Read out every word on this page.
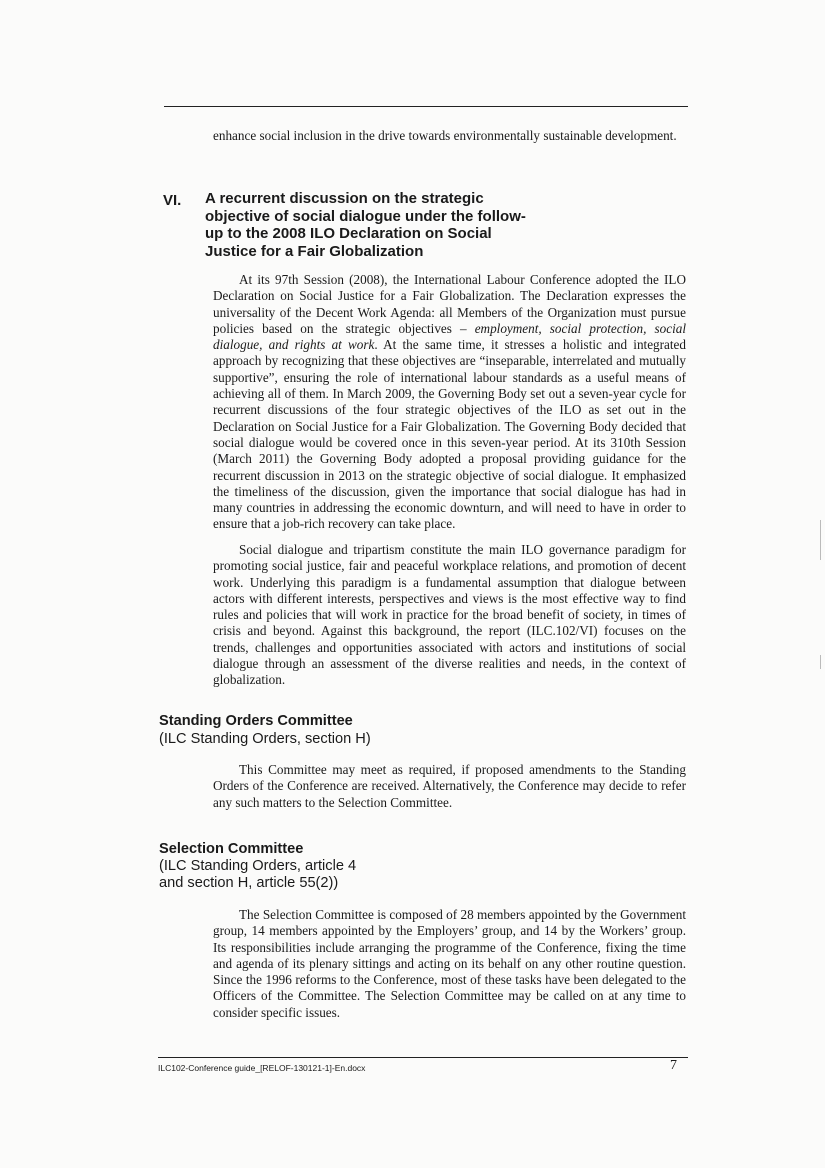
enhance social inclusion in the drive towards environmentally sustainable development.
VI. A recurrent discussion on the strategic objective of social dialogue under the follow-up to the 2008 ILO Declaration on Social Justice for a Fair Globalization
At its 97th Session (2008), the International Labour Conference adopted the ILO Declaration on Social Justice for a Fair Globalization. The Declaration expresses the universality of the Decent Work Agenda: all Members of the Organization must pursue policies based on the strategic objectives – employment, social protection, social dialogue, and rights at work. At the same time, it stresses a holistic and integrated approach by recognizing that these objectives are “inseparable, interrelated and mutually supportive”, ensuring the role of international labour standards as a useful means of achieving all of them. In March 2009, the Governing Body set out a seven-year cycle for recurrent discussions of the four strategic objectives of the ILO as set out in the Declaration on Social Justice for a Fair Globalization. The Governing Body decided that social dialogue would be covered once in this seven-year period. At its 310th Session (March 2011) the Governing Body adopted a proposal providing guidance for the recurrent discussion in 2013 on the strategic objective of social dialogue. It emphasized the timeliness of the discussion, given the importance that social dialogue has had in many countries in addressing the economic downturn, and will need to have in order to ensure that a job-rich recovery can take place.
Social dialogue and tripartism constitute the main ILO governance paradigm for promoting social justice, fair and peaceful workplace relations, and promotion of decent work. Underlying this paradigm is a fundamental assumption that dialogue between actors with different interests, perspectives and views is the most effective way to find rules and policies that will work in practice for the broad benefit of society, in times of crisis and beyond. Against this background, the report (ILC.102/VI) focuses on the trends, challenges and opportunities associated with actors and institutions of social dialogue through an assessment of the diverse realities and needs, in the context of globalization.
Standing Orders Committee
(ILC Standing Orders, section H)
This Committee may meet as required, if proposed amendments to the Standing Orders of the Conference are received. Alternatively, the Conference may decide to refer any such matters to the Selection Committee.
Selection Committee
(ILC Standing Orders, article 4
and section H, article 55(2))
The Selection Committee is composed of 28 members appointed by the Government group, 14 members appointed by the Employers’ group, and 14 by the Workers’ group. Its responsibilities include arranging the programme of the Conference, fixing the time and agenda of its plenary sittings and acting on its behalf on any other routine question. Since the 1996 reforms to the Conference, most of these tasks have been delegated to the Officers of the Committee. The Selection Committee may be called on at any time to consider specific issues.
ILC102-Conference guide_[RELOF-130121-1]-En.docx	7
